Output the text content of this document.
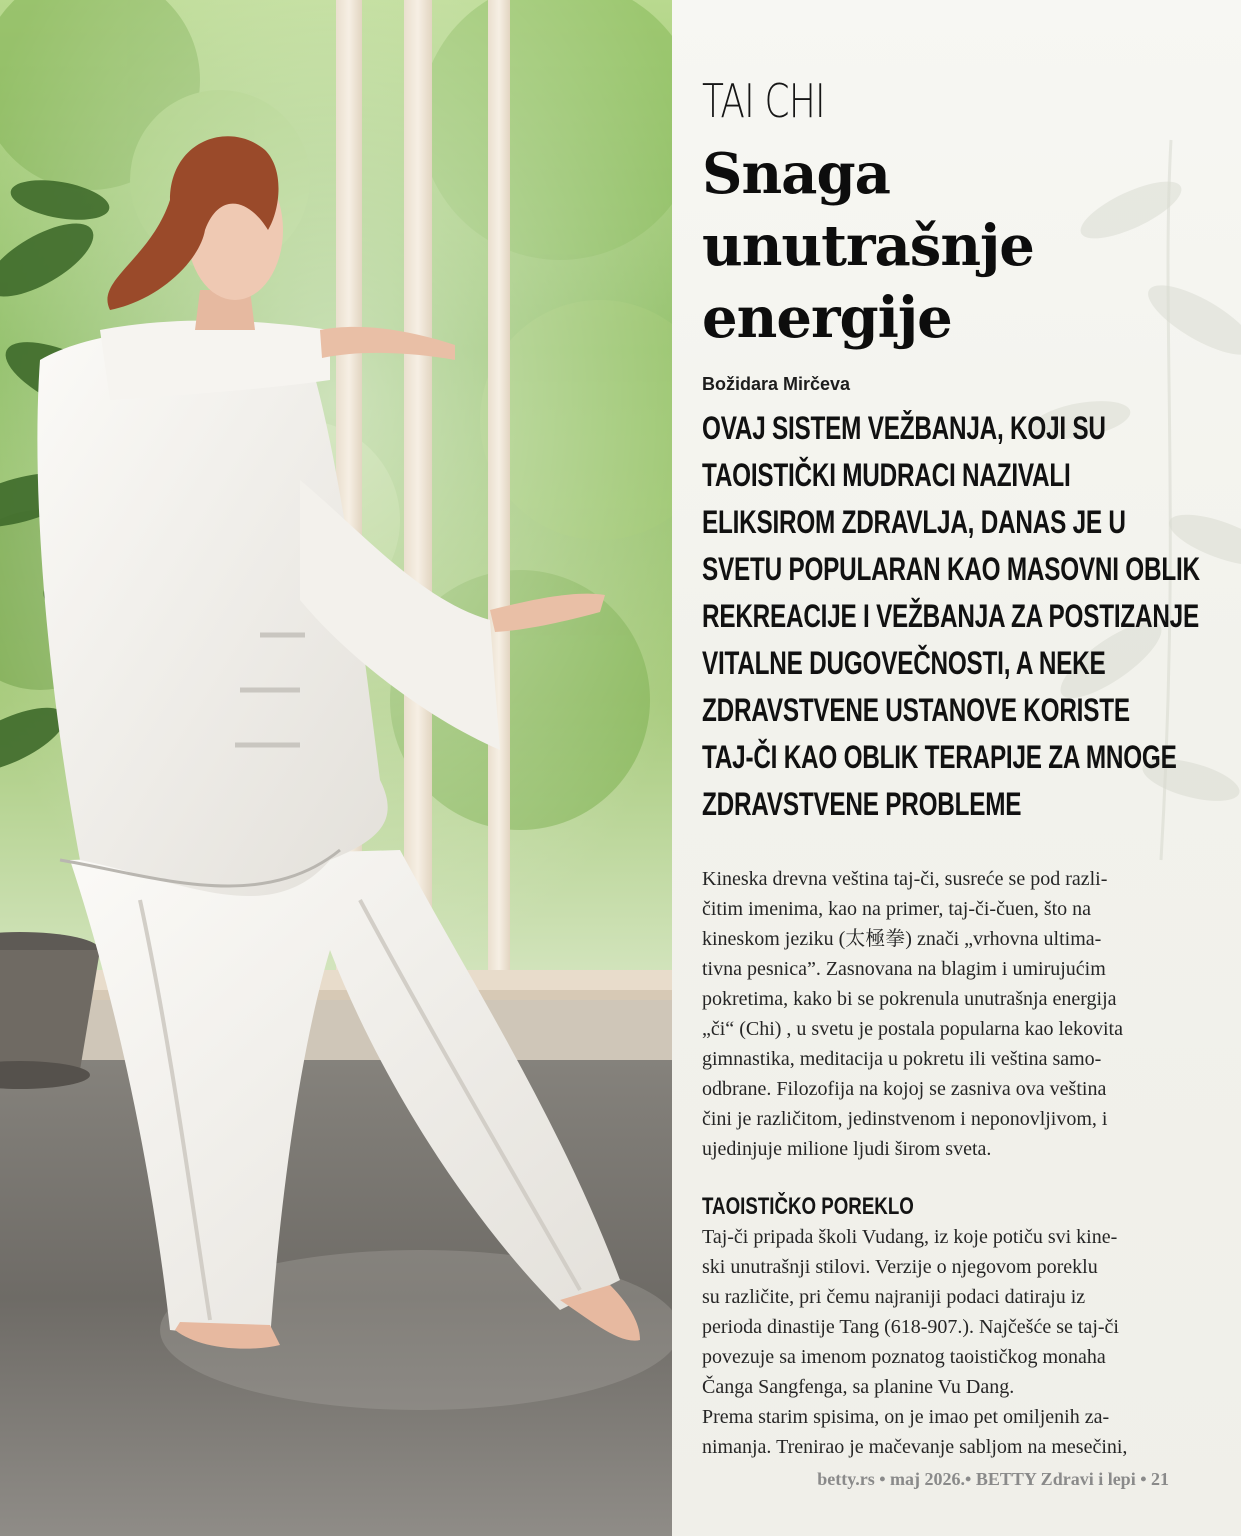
TAI CHI

Snaga
unutrašnje
energije

Božidara Mirčeva

OVAJ SISTEM VEŽBANJA, KOJI SU
TAOISTIČKI MUDRACI NAZIVALI
ELIKSIROM ZDRAVLJA, DANAS JE U
SVETU POPULARAN KAO MASOVNI OBLIK
REKREACIJE I VEŽBANJA ZA POSTIZANJE
VITALNE DUGOVEČNOSTI, A NEKE
ZDRAVSTVENE USTANOVE KORISTE
TAJ-ČI KAO OBLIK TERAPIJE ZA MNOGE
ZDRAVSTVENE PROBLEME

Kineska drevna veština taj-či, susreće se pod razli-
čitim imenima, kao na primer, taj-či-čuen, što na
kineskom jeziku (太極拳) znači „vrhovna ultima-
tivna pesnica”. Zasnovana na blagim i umirujućim
pokretima, kako bi se pokrenula unutrašnja energija
„či“ (Chi) , u svetu je postala popularna kao lekovita
gimnastika, meditacija u pokretu ili veština samo-
odbrane. Filozofija na kojoj se zasniva ova veština
čini je različitom, jedinstvenom i neponovljivom, i
ujedinjuje milione ljudi širom sveta.

TAOISTIČKO POREKLO

Taj-či pripada školi Vudang, iz koje potiču svi kine-
ski unutrašnji stilovi. Verzije o njegovom poreklu
su različite, pri čemu najraniji podaci datiraju iz
perioda dinastije Tang (618-907.). Najčešće se taj-či
povezuje sa imenom poznatog taoističkog monaha
Čanga Sangfenga, sa planine Vu Dang.
Prema starim spisima, on je imao pet omiljenih za-
nimanja. Trenirao je mačevanje sabljom na mesečini,

betty.rs • maj 2026.• BETTY Zdravi i lepi • 21
